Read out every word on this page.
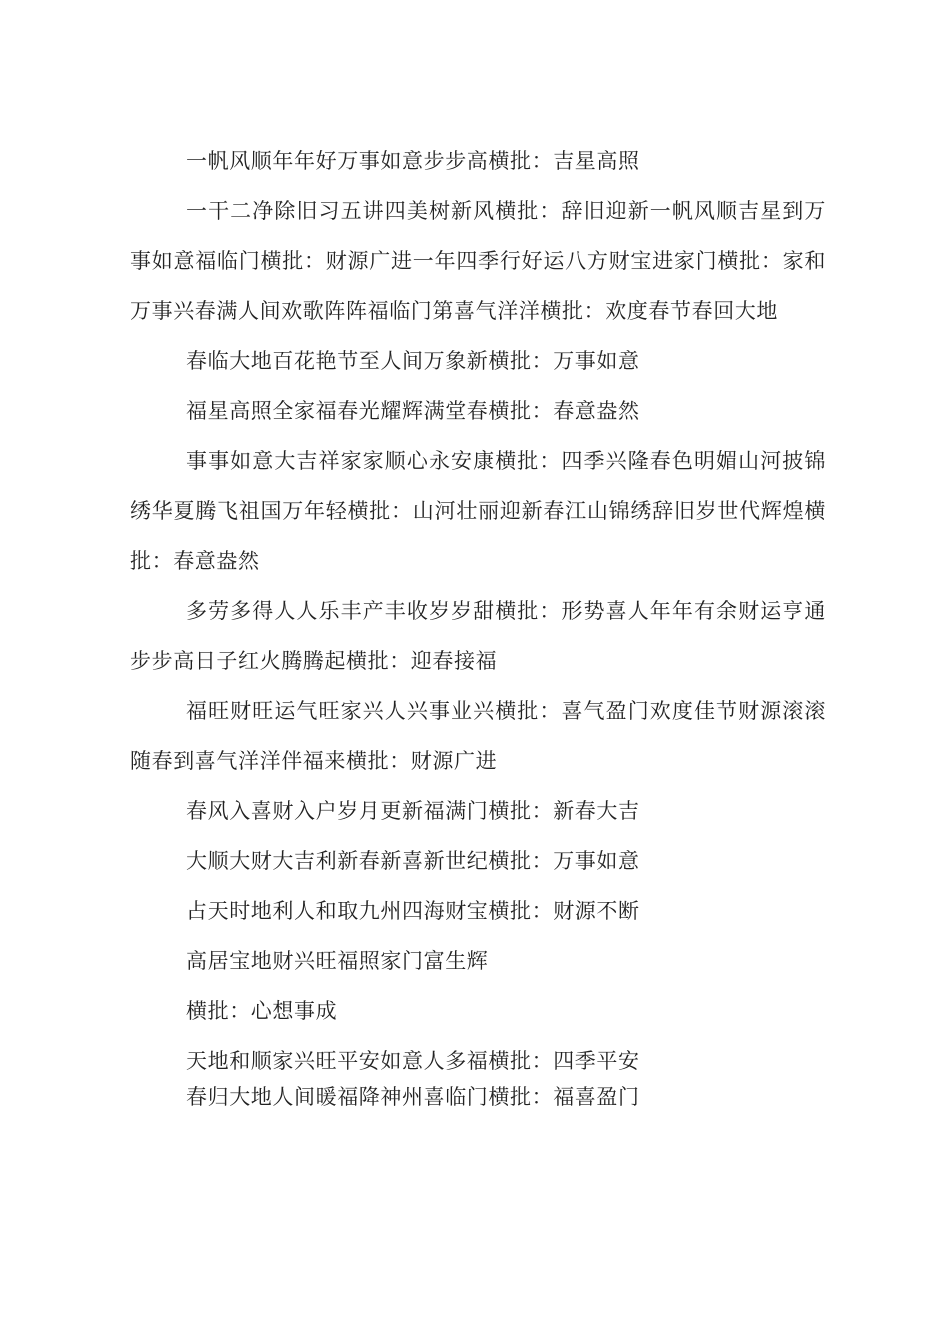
一帆风顺年年好万事如意步步高横批：吉星高照

一干二净除旧习五讲四美树新风横批：辞旧迎新一帆风顺吉星到万事如意福临门横批：财源广进一年四季行好运八方财宝进家门横批：家和万事兴春满人间欢歌阵阵福临门第喜气洋洋横批：欢度春节春回大地

春临大地百花艳节至人间万象新横批：万事如意

福星高照全家福春光耀辉满堂春横批：春意盎然

事事如意大吉祥家家顺心永安康横批：四季兴隆春色明媚山河披锦绣华夏腾飞祖国万年轻横批：山河壮丽迎新春江山锦绣辞旧岁世代辉煌横批：春意盎然

多劳多得人人乐丰产丰收岁岁甜横批：形势喜人年年有余财运亨通步步高日子红火腾腾起横批：迎春接福

福旺财旺运气旺家兴人兴事业兴横批：喜气盈门欢度佳节财源滚滚随春到喜气洋洋伴福来横批：财源广进

春风入喜财入户岁月更新福满门横批：新春大吉

大顺大财大吉利新春新喜新世纪横批：万事如意

占天时地利人和取九州四海财宝横批：财源不断

高居宝地财兴旺福照家门富生辉

横批：心想事成

天地和顺家兴旺平安如意人多福横批：四季平安

春归大地人间暖福降神州喜临门横批：福喜盈门
